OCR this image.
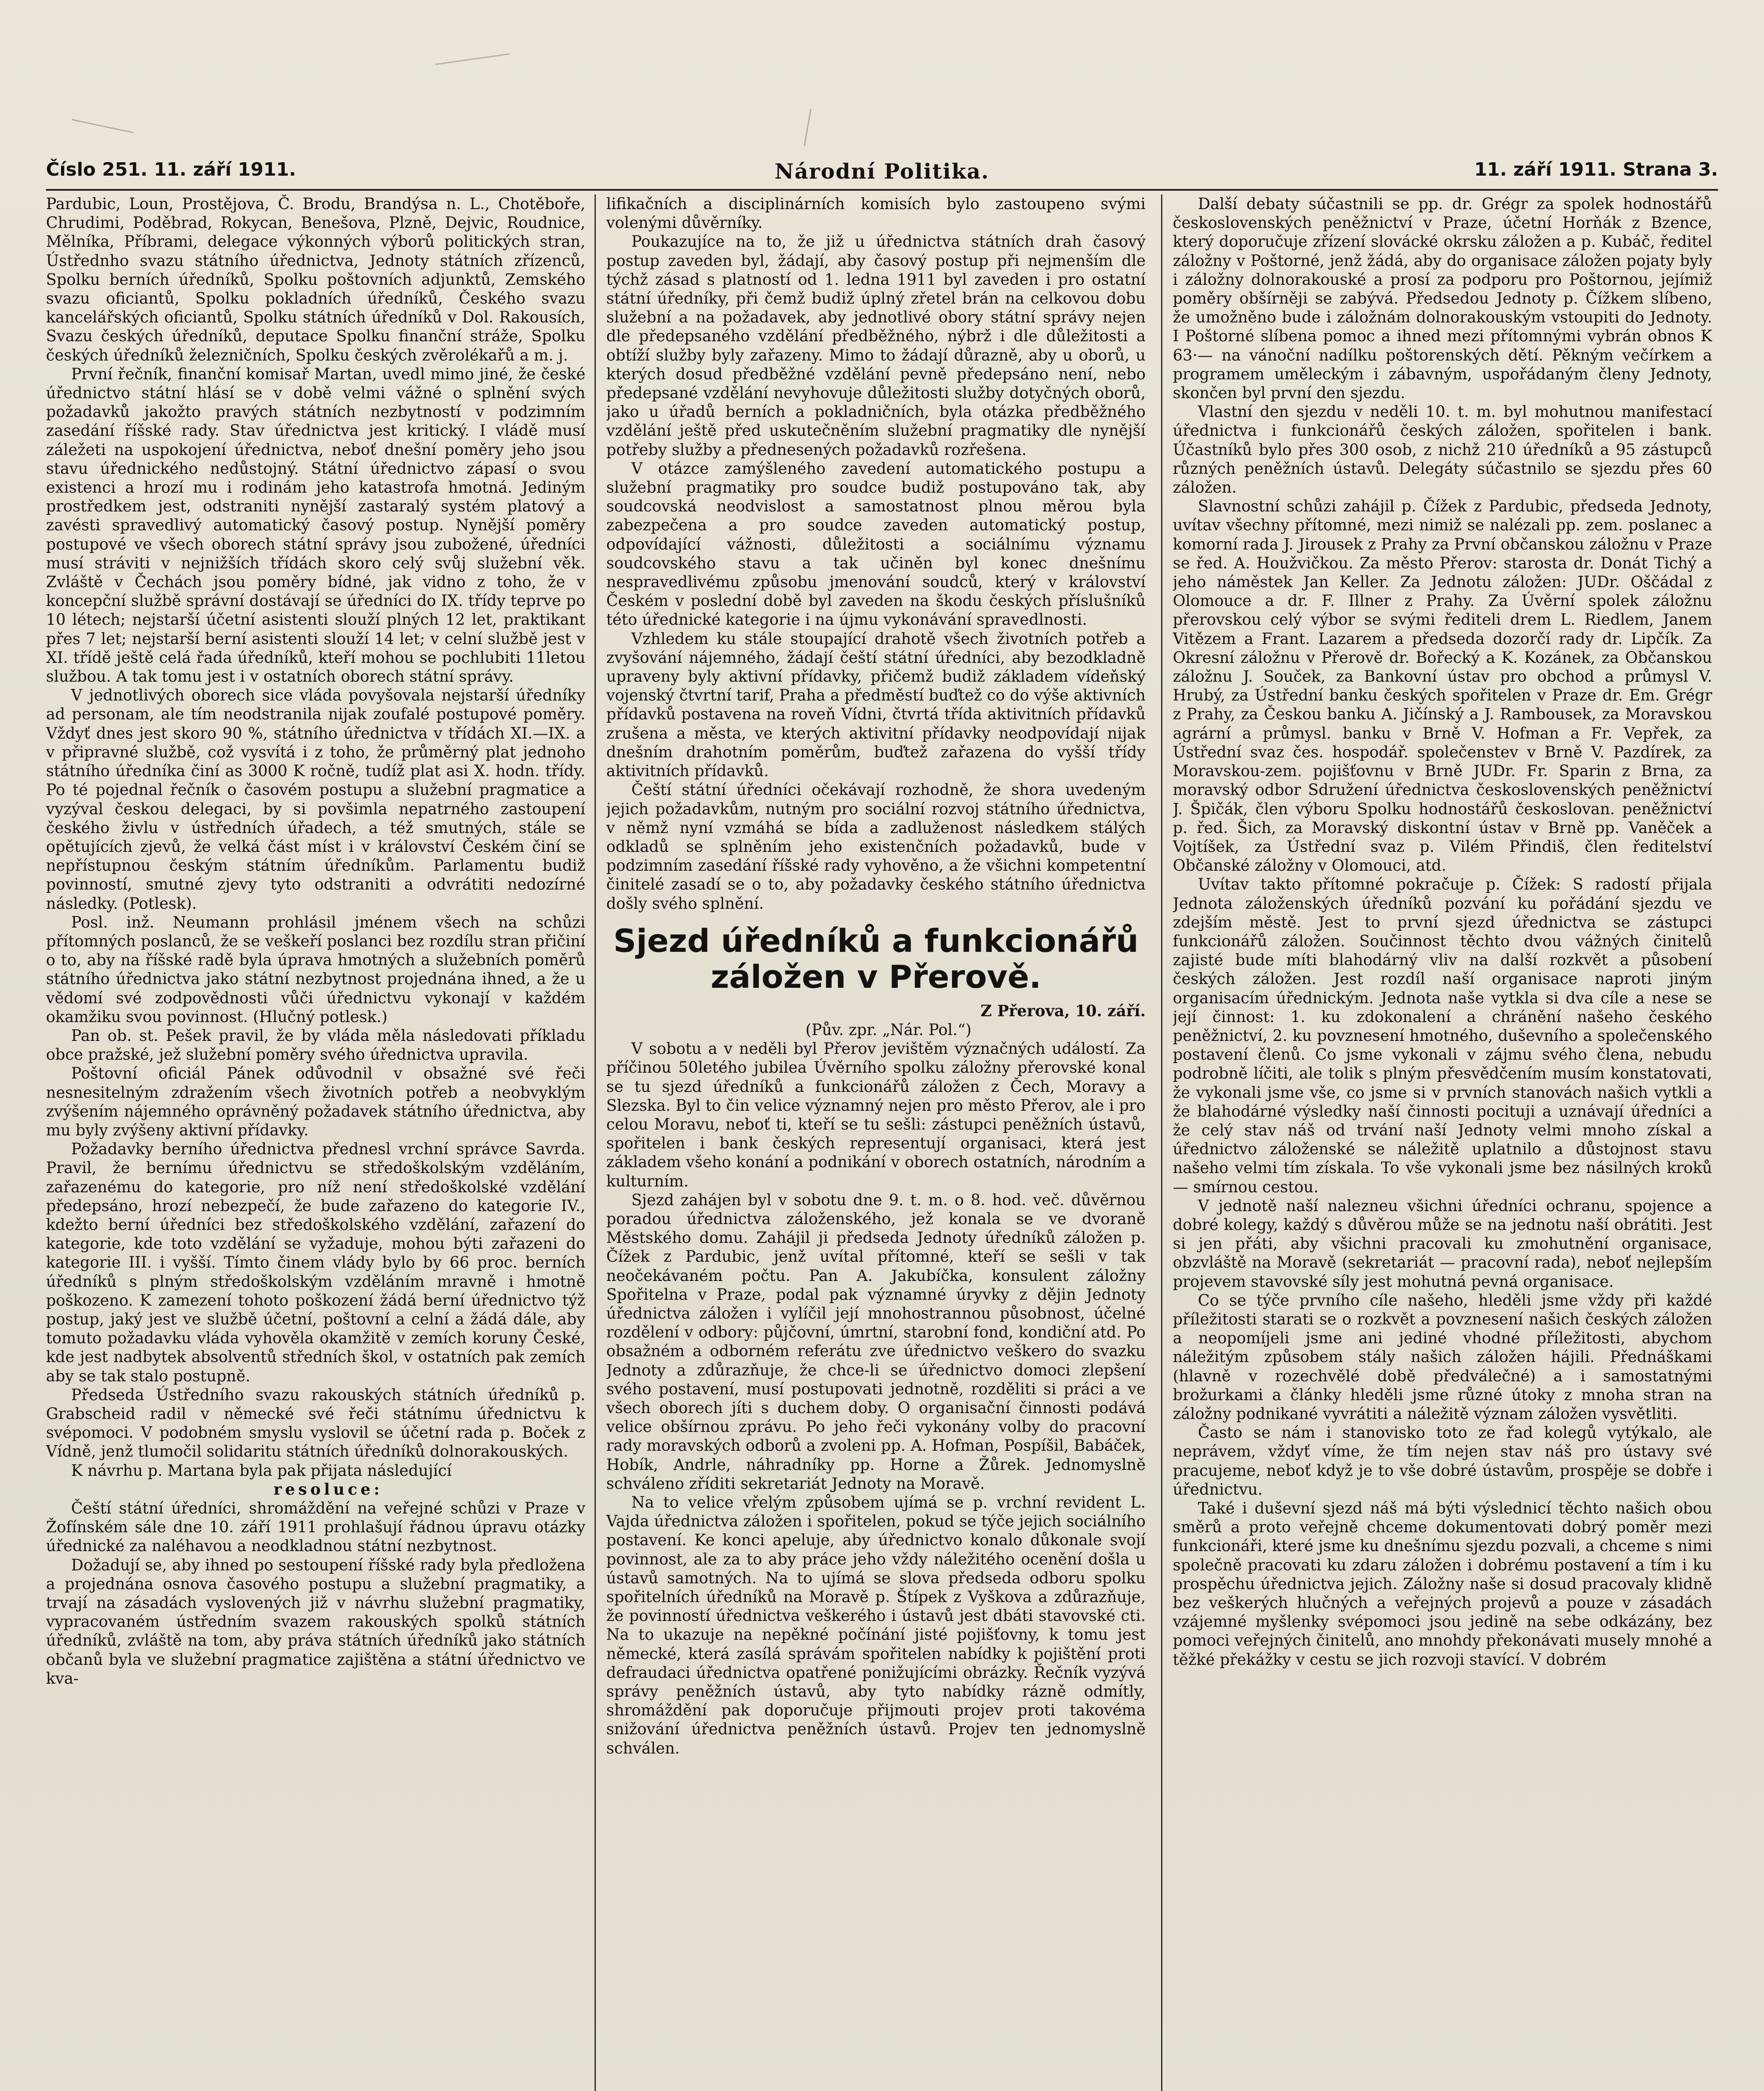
Číslo 251. 11. září 1911.	Národní Politika.	11. září 1911. Strana 3.

Pardubic, Loun, Prostějova, Č. Brodu, Brandýsa n. L., Chotěboře, Chrudimi, Poděbrad, Rokycan, Benešova, Plzně, Dejvic, Roudnice, Mělníka, Příbrami, delegace výkonných výborů politických stran, Ústřednho svazu státního úřednictva, Jednoty státních zřízenců, Spolku berních úředníků, Spolku poštovních adjunktů, Zemského svazu oficiantů, Spolku pokladních úředníků, Českého svazu kancelářských oficiantů, Spolku státních úředníků v Dol. Rakousích, Svazu českých úředníků, deputace Spolku finanční stráže, Spolku českých úředníků železničních, Spolku českých zvěrolékařů a m. j.

První řečník, finanční komisař Martan, uvedl mimo jiné, že české úřednictvo státní hlásí se v době velmi vážné o splnění svých požadavků jakožto pravých státních nezbytností v podzimním zasedání říšské rady. Stav úřednictva jest kritický. I vládě musí záležeti na uspokojení úřednictva, neboť dnešní poměry jeho jsou stavu úřednického nedůstojný. Státní úřednictvo zápasí o svou existenci a hrozí mu i rodinám jeho katastrofa hmotná. Jediným prostředkem jest, odstraniti nynější zastaralý systém platový a zavésti spravedlivý automatický časový postup. Nynější poměry postupové ve všech oborech státní správy jsou zubožené, úředníci musí stráviti v nejnižších třídách skoro celý svůj služební věk. Zvláště v Čechách jsou poměry bídné, jak vidno z toho, že v koncepční službě správní dostávají se úředníci do IX. třídy teprve po 10 létech; nejstarší účetní asistenti slouží plných 12 let, praktikant přes 7 let; nejstarší berní asistenti slouží 14 let; v celní službě jest v XI. třídě ještě celá řada úředníků, kteří mohou se pochlubiti 11letou službou. A tak tomu jest i v ostatních oborech státní správy.

V jednotlivých oborech sice vláda povyšovala nejstarší úředníky ad personam, ale tím neodstranila nijak zoufalé postupové poměry. Vždyť dnes jest skoro 90 %, státního úřednictva v třídách XI.—IX. a v připravné službě, což vysvítá i z toho, že průměrný plat jednoho státního úředníka činí as 3000 K ročně, tudíž plat asi X. hodn. třídy. Po té pojednal řečník o časovém postupu a služební pragmatice a vyzýval českou delegaci, by si povšimla nepatrného zastoupení českého živlu v ústředních úřadech, a též smutných, stále se opětujících zjevů, že velká část míst i v království Českém činí se nepřístupnou českým státním úředníkům. Parlamentu budiž povinností, smutné zjevy tyto odstraniti a odvrátiti nedozírné následky. (Potlesk).

Posl. inž. Neumann prohlásil jménem všech na schůzi přítomných poslanců, že se veškeří poslanci bez rozdílu stran přičiní o to, aby na říšské radě byla úprava hmotných a služebních poměrů státního úřednictva jako státní nezbytnost projednána ihned, a že u vědomí své zodpovědnosti vůči úřednictvu vykonají v každém okamžiku svou povinnost. (Hlučný potlesk.)

Pan ob. st. Pešek pravil, že by vláda měla následovati příkladu obce pražské, jež služební poměry svého úřednictva upravila.

Poštovní oficiál Pánek odůvodnil v obsažné své řeči nesnesitelným zdražením všech životních potřeb a neobvyklým zvýšením nájemného oprávněný požadavek státního úřednictva, aby mu byly zvýšeny aktivní přídavky.

Požadavky berního úřednictva přednesl vrchní správce Savrda. Pravil, že bernímu úřednictvu se středoškolským vzděláním, zařazenému do kategorie, pro níž není středoškolské vzdělání předepsáno, hrozí nebezpečí, že bude zařazeno do kategorie IV., kdežto berní úředníci bez středoškolského vzdělání, zařazení do kategorie, kde toto vzdělání se vyžaduje, mohou býti zařazeni do kategorie III. i vyšší. Tímto činem vlády bylo by 66 proc. berních úředníků s plným středoškolským vzděláním mravně i hmotně poškozeno. K zamezení tohoto poškození žádá berní úřednictvo týž postup, jaký jest ve službě účetní, poštovní a celní a žádá dále, aby tomuto požadavku vláda vyhověla okamžitě v zemích koruny České, kde jest nadbytek absolventů středních škol, v ostatních pak zemích aby se tak stalo postupně.

Předseda Ústředního svazu rakouských státních úředníků p. Grabscheid radil v německé své řeči státnímu úřednictvu k svépomoci. V podobném smyslu vyslovil se účetní rada p. Boček z Vídně, jenž tlumočil solidaritu státních úředníků dolnorakouských.

K návrhu p. Martana byla pak přijata následující

resoluce:

Čeští státní úředníci, shromáždění na veřejné schůzi v Praze v Žofínském sále dne 10. září 1911 prohlašují řádnou úpravu otázky úřednické za naléhavou a neodkladnou státní nezbytnost.

Dožadují se, aby ihned po sestoupení říšské rady byla předložena a projednána osnova časového postupu a služební pragmatiky, a trvají na zásadách vyslovených již v návrhu služební pragmatiky, vypracovaném ústředním svazem rakouských spolků státních úředníků, zvláště na tom, aby práva státních úředníků jako státních občanů byla ve služební pragmatice zajištěna a státní úřednictvo ve kva-

lifikačních a disciplinárních komisích bylo zastoupeno svými volenými důvěrníky.

Poukazujíce na to, že již u úřednictva státních drah časový postup zaveden byl, žádají, aby časový postup při nejmenším dle týchž zásad s platností od 1. ledna 1911 byl zaveden i pro ostatní státní úředníky, při čemž budiž úplný zřetel brán na celkovou dobu služební a na požadavek, aby jednotlivé obory státní správy nejen dle předepsaného vzdělání předběžného, nýbrž i dle důležitosti a obtíží služby byly zařazeny. Mimo to žádají důrazně, aby u oborů, u kterých dosud předběžné vzdělání pevně předepsáno není, nebo předepsané vzdělání nevyhovuje důležitosti služby dotyčných oborů, jako u úřadů berních a pokladničních, byla otázka předběžného vzdělání ještě před uskutečněním služební pragmatiky dle nynější potřeby služby a přednesených požadavků rozřešena.

V otázce zamýšleného zavedení automatického postupu a služební pragmatiky pro soudce budiž postupováno tak, aby soudcovská neodvislost a samostatnost plnou měrou byla zabezpečena a pro soudce zaveden automatický postup, odpovídající vážnosti, důležitosti a sociálnímu významu soudcovského stavu a tak učiněn byl konec dnešnímu nespravedlivému způsobu jmenování soudců, který v království Českém v poslední době byl zaveden na škodu českých příslušníků této úřednické kategorie i na újmu vykonávání spravedlnosti.

Vzhledem ku stále stoupající drahotě všech životních potřeb a zvyšování nájemného, žádají čeští státní úředníci, aby bezodkladně upraveny byly aktivní přídavky, přičemž budiž základem vídeňský vojenský čtvrtní tarif, Praha a předměstí buďtež co do výše aktivních přídavků postavena na roveň Vídni, čtvrtá třída aktivitních přídavků zrušena a města, ve kterých aktivitní přídavky neodpovídají nijak dnešním drahotním poměrům, buďtež zařazena do vyšší třídy aktivitních přídavků.

Čeští státní úředníci očekávají rozhodně, že shora uvedeným jejich požadavkům, nutným pro sociální rozvoj státního úřednictva, v němž nyní vzmáhá se bída a zadluženost následkem stálých odkladů se splněním jeho existenčních požadavků, bude v podzimním zasedání říšské rady vyhověno, a že všichni kompetentní činitelé zasadí se o to, aby požadavky českého státního úřednictva došly svého splnění.

Sjezd úředníků a funkcionářů
záložen v Přerově.

Z Přerova, 10. září.

(Pův. zpr. „Nár. Pol.“)

V sobotu a v neděli byl Přerov jevištěm význačných událostí. Za příčinou 50letého jubilea Úvěrního spolku záložny přerovské konal se tu sjezd úředníků a funkcionářů záložen z Čech, Moravy a Slezska. Byl to čin velice významný nejen pro město Přerov, ale i pro celou Moravu, neboť ti, kteří se tu sešli: zástupci peněžních ústavů, spořitelen i bank českých representují organisaci, která jest základem všeho konání a podnikání v oborech ostatních, národním a kulturním.

Sjezd zahájen byl v sobotu dne 9. t. m. o 8. hod. več. důvěrnou poradou úřednictva záloženského, jež konala se ve dvoraně Městského domu. Zahájil ji předseda Jednoty úředníků záložen p. Čížek z Pardubic, jenž uvítal přítomné, kteří se sešli v tak neočekávaném počtu. Pan A. Jakubíčka, konsulent záložny Spořitelna v Praze, podal pak významné úryvky z dějin Jednoty úřednictva záložen i vylíčil její mnohostrannou působnost, účelné rozdělení v odbory: půjčovní, úmrtní, starobní fond, kondiční atd. Po obsažném a odborném referátu zve úřednictvo veškero do svazku Jednoty a zdůrazňuje, že chce-li se úřednictvo domoci zlepšení svého postavení, musí postupovati jednotně, rozděliti si práci a ve všech oborech jíti s duchem doby. O organisační činnosti podává velice obšírnou zprávu. Po jeho řeči vykonány volby do pracovní rady moravských odborů a zvoleni pp. A. Hofman, Pospíšil, Babáček, Hobík, Andrle, náhradníky pp. Horne a Žůrek. Jednomyslně schváleno zříditi sekretariát Jednoty na Moravě.

Na to velice vřelým způsobem ujímá se p. vrchní revident L. Vajda úřednictva záložen i spořitelen, pokud se týče jejich sociálního postavení. Ke konci apeluje, aby úřednictvo konalo důkonale svojí povinnost, ale za to aby práce jeho vždy náležitého ocenění došla u ústavů samotných. Na to ujímá se slova předseda odboru spolku spořitelních úředníků na Moravě p. Štípek z Vyškova a zdůrazňuje, že povinností úřednictva veškerého i ústavů jest dbáti stavovské cti. Na to ukazuje na nepěkné počínání jisté pojišťovny, k tomu jest německé, která zasílá správám spořitelen nabídky k pojištění proti defraudaci úřednictva opatřené ponižujícími obrázky. Řečník vyzývá správy peněžních ústavů, aby tyto nabídky rázně odmítly, shromáždění pak doporučuje přijmouti projev proti takovéma snižování úřednictva peněžních ústavů. Projev ten jednomyslně schválen.

Další debaty súčastnili se pp. dr. Grégr za spolek hodnostářů československých peněžnictví v Praze, účetní Horňák z Bzence, který doporučuje zřízení slovácké okrsku záložen a p. Kubáč, ředitel záložny v Poštorné, jenž žádá, aby do organisace záložen pojaty byly i záložny dolnorakouské a prosí za podporu pro Poštornou, jejímiž poměry obšírněji se zabývá. Předsedou Jednoty p. Čížkem slíbeno, že umožněno bude i záložnám dolnorakouským vstoupiti do Jednoty. I Poštorné slíbena pomoc a ihned mezi přítomnými vybrán obnos K 63·— na vánoční nadílku poštorenských dětí. Pěkným večírkem a programem uměleckým i zábavným, uspořádaným členy Jednoty, skončen byl první den sjezdu.

Vlastní den sjezdu v neděli 10. t. m. byl mohutnou manifestací úřednictva i funkcionářů českých záložen, spořitelen i bank. Účastníků bylo přes 300 osob, z nichž 210 úředníků a 95 zástupců různých peněžních ústavů. Delegáty súčastnilo se sjezdu přes 60 záložen.

Slavnostní schůzi zahájil p. Čížek z Pardubic, předseda Jednoty, uvítav všechny přítomné, mezi nimiž se nalézali pp. zem. poslanec a komorní rada J. Jirousek z Prahy za První občanskou záložnu v Praze se řed. A. Houžvičkou. Za město Přerov: starosta dr. Donát Tichý a jeho náměstek Jan Keller. Za Jednotu záložen: JUDr. Oščádal z Olomouce a dr. F. Illner z Prahy. Za Úvěrní spolek záložnu přerovskou celý výbor se svými řediteli drem L. Riedlem, Janem Vitězem a Frant. Lazarem a předseda dozorčí rady dr. Lipčík. Za Okresní záložnu v Přerově dr. Bořecký a K. Kozánek, za Občanskou záložnu J. Souček, za Bankovní ústav pro obchod a průmysl V. Hrubý, za Ústřední banku českých spořitelen v Praze dr. Em. Grégr z Prahy, za Českou banku A. Jičínský a J. Rambousek, za Moravskou agrární a průmysl. banku v Brně V. Hofman a Fr. Vepřek, za Ústřední svaz čes. hospodář. společenstev v Brně V. Pazdírek, za Moravskou-zem. pojišťovnu v Brně JUDr. Fr. Sparin z Brna, za moravský odbor Sdružení úřednictva československých peněžnictví J. Špičák, člen výboru Spolku hodnostářů českoslovan. peněžnictví p. řed. Šich, za Moravský diskontní ústav v Brně pp. Vaněček a Vojtíšek, za Ústřední svaz p. Vilém Přindiš, člen ředitelství Občanské záložny v Olomouci, atd.

Uvítav takto přítomné pokračuje p. Čížek: S radostí přijala Jednota záloženských úředníků pozvání ku pořádání sjezdu ve zdejším městě. Jest to první sjezd úřednictva se zástupci funkcionářů záložen. Součinnost těchto dvou vážných činitelů zajisté bude míti blahodárný vliv na další rozkvět a působení českých záložen. Jest rozdíl naší organisace naproti jiným organisacím úřednickým. Jednota naše vytkla si dva cíle a nese se její činnost: 1. ku zdokonalení a chránění našeho českého peněžnictví, 2. ku povznesení hmotného, duševního a společenského postavení členů. Co jsme vykonali v zájmu svého člena, nebudu podrobně líčiti, ale tolik s plným přesvědčením musím konstatovati, že vykonali jsme vše, co jsme si v prvních stanovách našich vytkli a že blahodárné výsledky naší činnosti pocituji a uznávají úředníci a že celý stav náš od trvání naší Jednoty velmi mnoho získal a úřednictvo záloženské se náležitě uplatnilo a důstojnost stavu našeho velmi tím získala. To vše vykonali jsme bez násilných kroků — smírnou cestou.

V jednotě naší nalezneu všichni úředníci ochranu, spojence a dobré kolegy, každý s důvěrou může se na jednotu naší obrátiti. Jest si jen přáti, aby všichni pracovali ku zmohutnění organisace, obzvláště na Moravě (sekretariát — pracovní rada), neboť nejlepším projevem stavovské síly jest mohutná pevná organisace.

Co se týče prvního cíle našeho, hleděli jsme vždy při každé příležitosti starati se o rozkvět a povznesení našich českých záložen a neopomíjeli jsme ani jediné vhodné příležitosti, abychom náležitým způsobem stály našich záložen hájili. Přednáškami (hlavně v rozechvělé době předválečné) a i samostatnými brožurkami a články hleděli jsme různé útoky z mnoha stran na záložny podnikané vyvrátiti a náležitě význam záložen vysvětliti.

Často se nám i stanovisko toto ze řad kolegů vytýkalo, ale neprávem, vždyť víme, že tím nejen stav náš pro ústavy své pracujeme, neboť když je to vše dobré ústavům, prospěje se dobře i úřednictvu.

Také i duševní sjezd náš má býti výslednicí těchto našich obou směrů a proto veřejně chceme dokumentovati dobrý poměr mezi funkcionáři, které jsme ku dnešnímu sjezdu pozvali, a chceme s nimi společně pracovati ku zdaru záložen i dobrému postavení a tím i ku prospěchu úřednictva jejich. Záložny naše si dosud pracovaly klidně bez veškerých hlučných a veřejných projevů a pouze v zásadách vzájemné myšlenky svépomoci jsou jedině na sebe odkázány, bez pomoci veřejných činitelů, ano mnohdy překonávati musely mnohé a těžké překážky v cestu se jich rozvoji stavící. V dobrém
